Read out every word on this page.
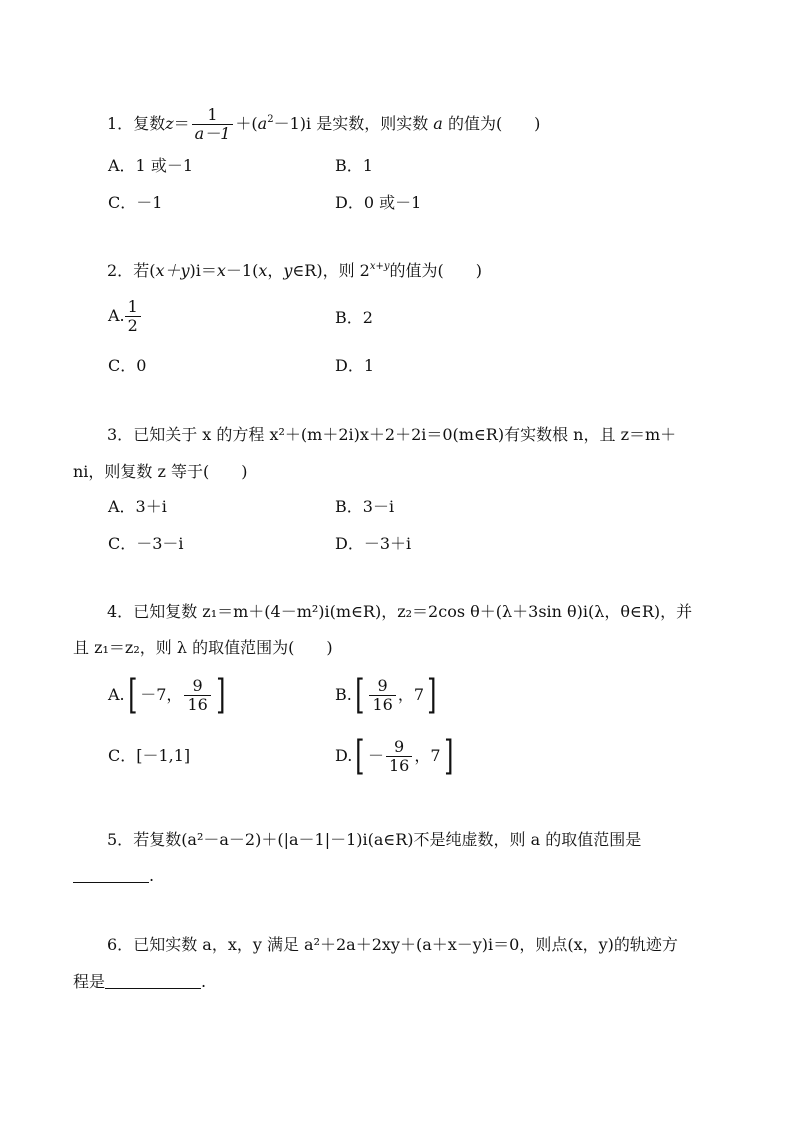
1．复数$z= \frac{1}{a-1} +(a^2-1)i$ 是实数，则实数 a 的值为(　　)
A．1 或－1	B．1
C．－1	D．0 或－1
2．若(x＋y)i＝x－1(x，y∈R)，则 $2^{x+y}$的值为(　　)
A. $\frac{1}{2}$	B．2
C．0	D．1
3．已知关于 x 的方程 x²＋(m＋2i)x＋2＋2i＝0(m∈R)有实数根 n，且 z＝m＋
ni，则复数 z 等于(　　)
A．3＋i	B．3－i
C．－3－i	D．－3＋i
4．已知复数 z₁＝m＋(4－m²)i(m∈R)，z₂＝2cos θ＋(λ＋3sin θ)i(λ，θ∈R)，并
且 z₁＝z₂，则 λ 的取值范围为(　　)
A. [ －7， $\frac{9}{16}$ ]	B. [ $\frac{9}{16}$ ，7 ]
C．[－1,1]	D. [ － $\frac{9}{16}$ ，7 ]
5．若复数(a²－a－2)＋(|a－1|－1)i(a∈R)不是纯虚数，则 a 的取值范围是
.
6．已知实数 a，x，y 满足 a²＋2a＋2xy＋(a＋x－y)i＝0，则点(x，y)的轨迹方
程是	.
